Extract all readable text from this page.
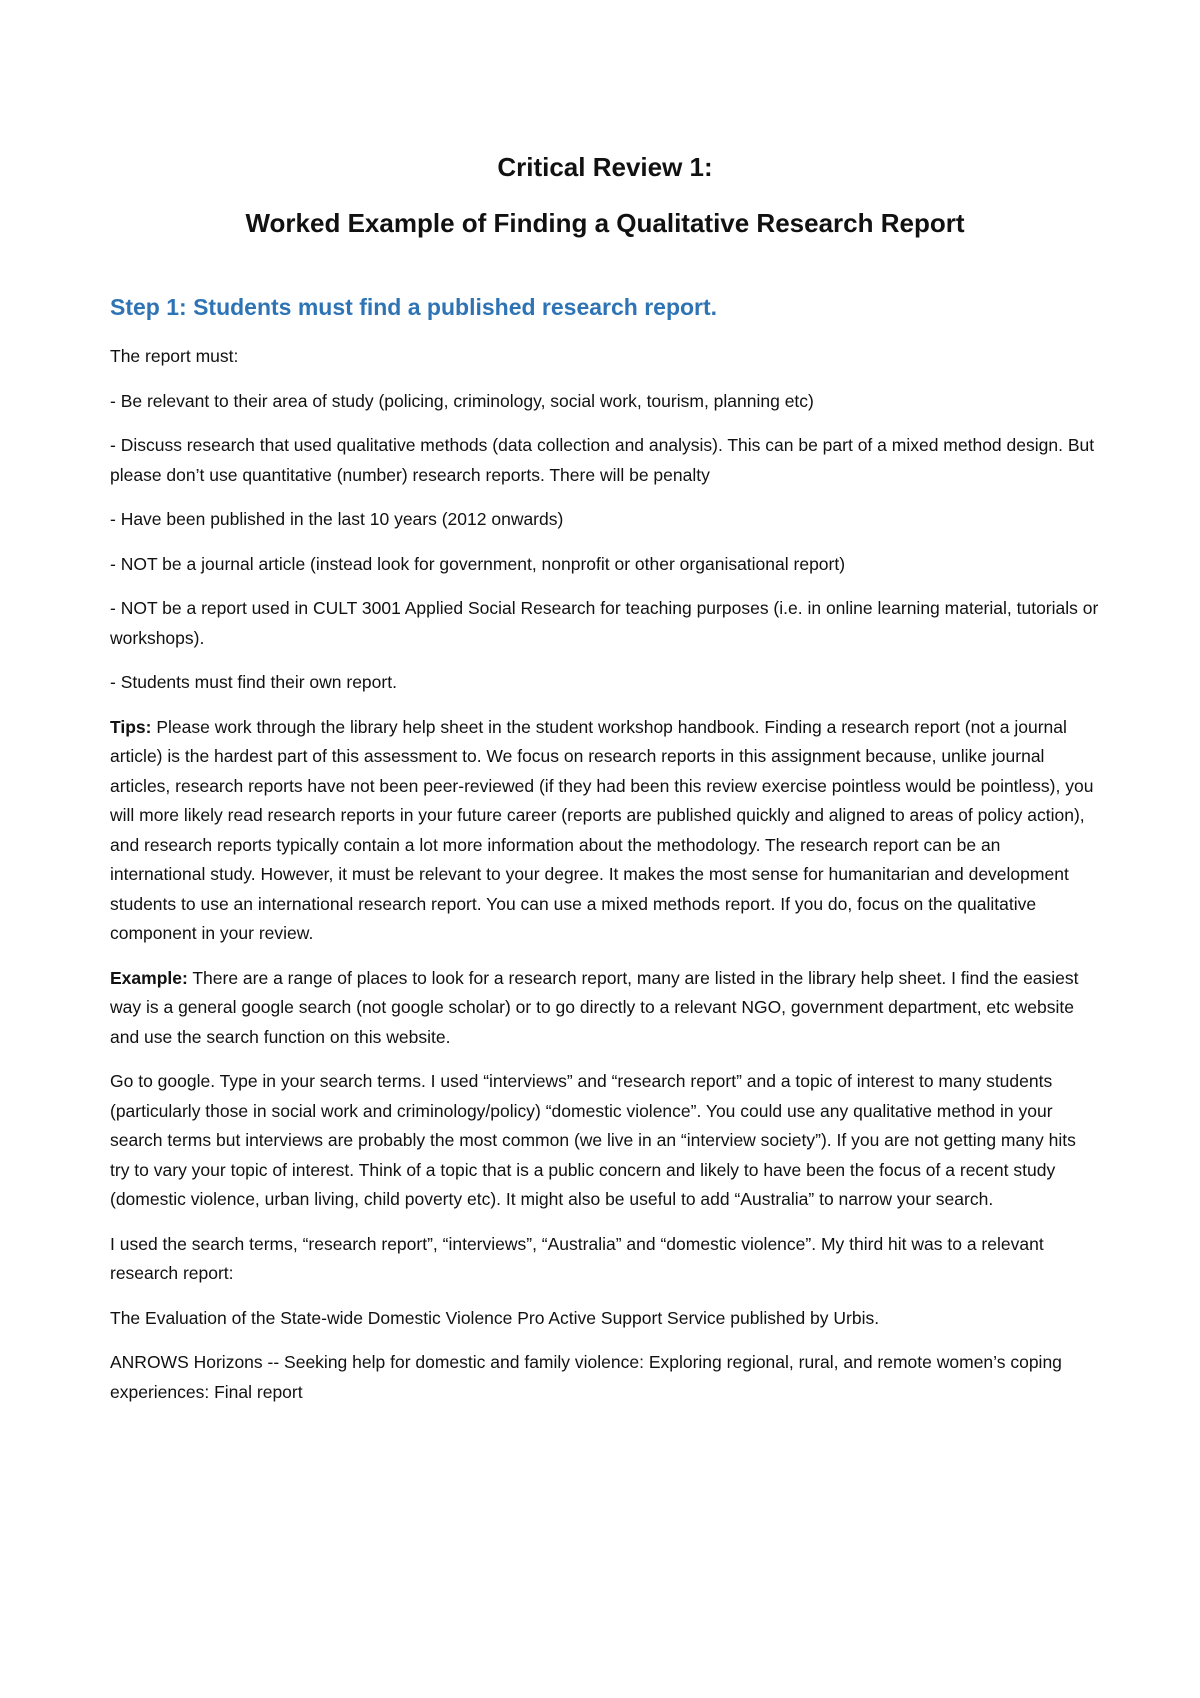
Critical Review 1:
Worked Example of Finding a Qualitative Research Report
Step 1: Students must find a published research report.

The report must:

- Be relevant to their area of study (policing, criminology, social work, tourism, planning etc)

- Discuss research that used qualitative methods (data collection and analysis). This can be part of a mixed method design. But please don’t use quantitative (number) research reports. There will be penalty

- Have been published in the last 10 years (2012 onwards)

- NOT be a journal article (instead look for government, nonprofit or other organisational report)

- NOT be a report used in CULT 3001 Applied Social Research for teaching purposes (i.e. in online learning material, tutorials or workshops).

- Students must find their own report.

Tips: Please work through the library help sheet in the student workshop handbook. Finding a research report (not a journal article) is the hardest part of this assessment to. We focus on research reports in this assignment because, unlike journal articles, research reports have not been peer-reviewed (if they had been this review exercise pointless would be pointless), you will more likely read research reports in your future career (reports are published quickly and aligned to areas of policy action), and research reports typically contain a lot more information about the methodology. The research report can be an international study. However, it must be relevant to your degree. It makes the most sense for humanitarian and development students to use an international research report. You can use a mixed methods report. If you do, focus on the qualitative component in your review.

Example: There are a range of places to look for a research report, many are listed in the library help sheet. I find the easiest way is a general google search (not google scholar) or to go directly to a relevant NGO, government department, etc website and use the search function on this website.

Go to google. Type in your search terms. I used “interviews” and “research report” and a topic of interest to many students (particularly those in social work and criminology/policy) “domestic violence”. You could use any qualitative method in your search terms but interviews are probably the most common (we live in an “interview society”). If you are not getting many hits try to vary your topic of interest. Think of a topic that is a public concern and likely to have been the focus of a recent study (domestic violence, urban living, child poverty etc). It might also be useful to add “Australia” to narrow your search.

I used the search terms, “research report”, “interviews”, “Australia” and “domestic violence”. My third hit was to a relevant research report:

The Evaluation of the State-wide Domestic Violence Pro Active Support Service published by Urbis.

ANROWS Horizons -- Seeking help for domestic and family violence: Exploring regional, rural, and remote women’s coping experiences: Final report
